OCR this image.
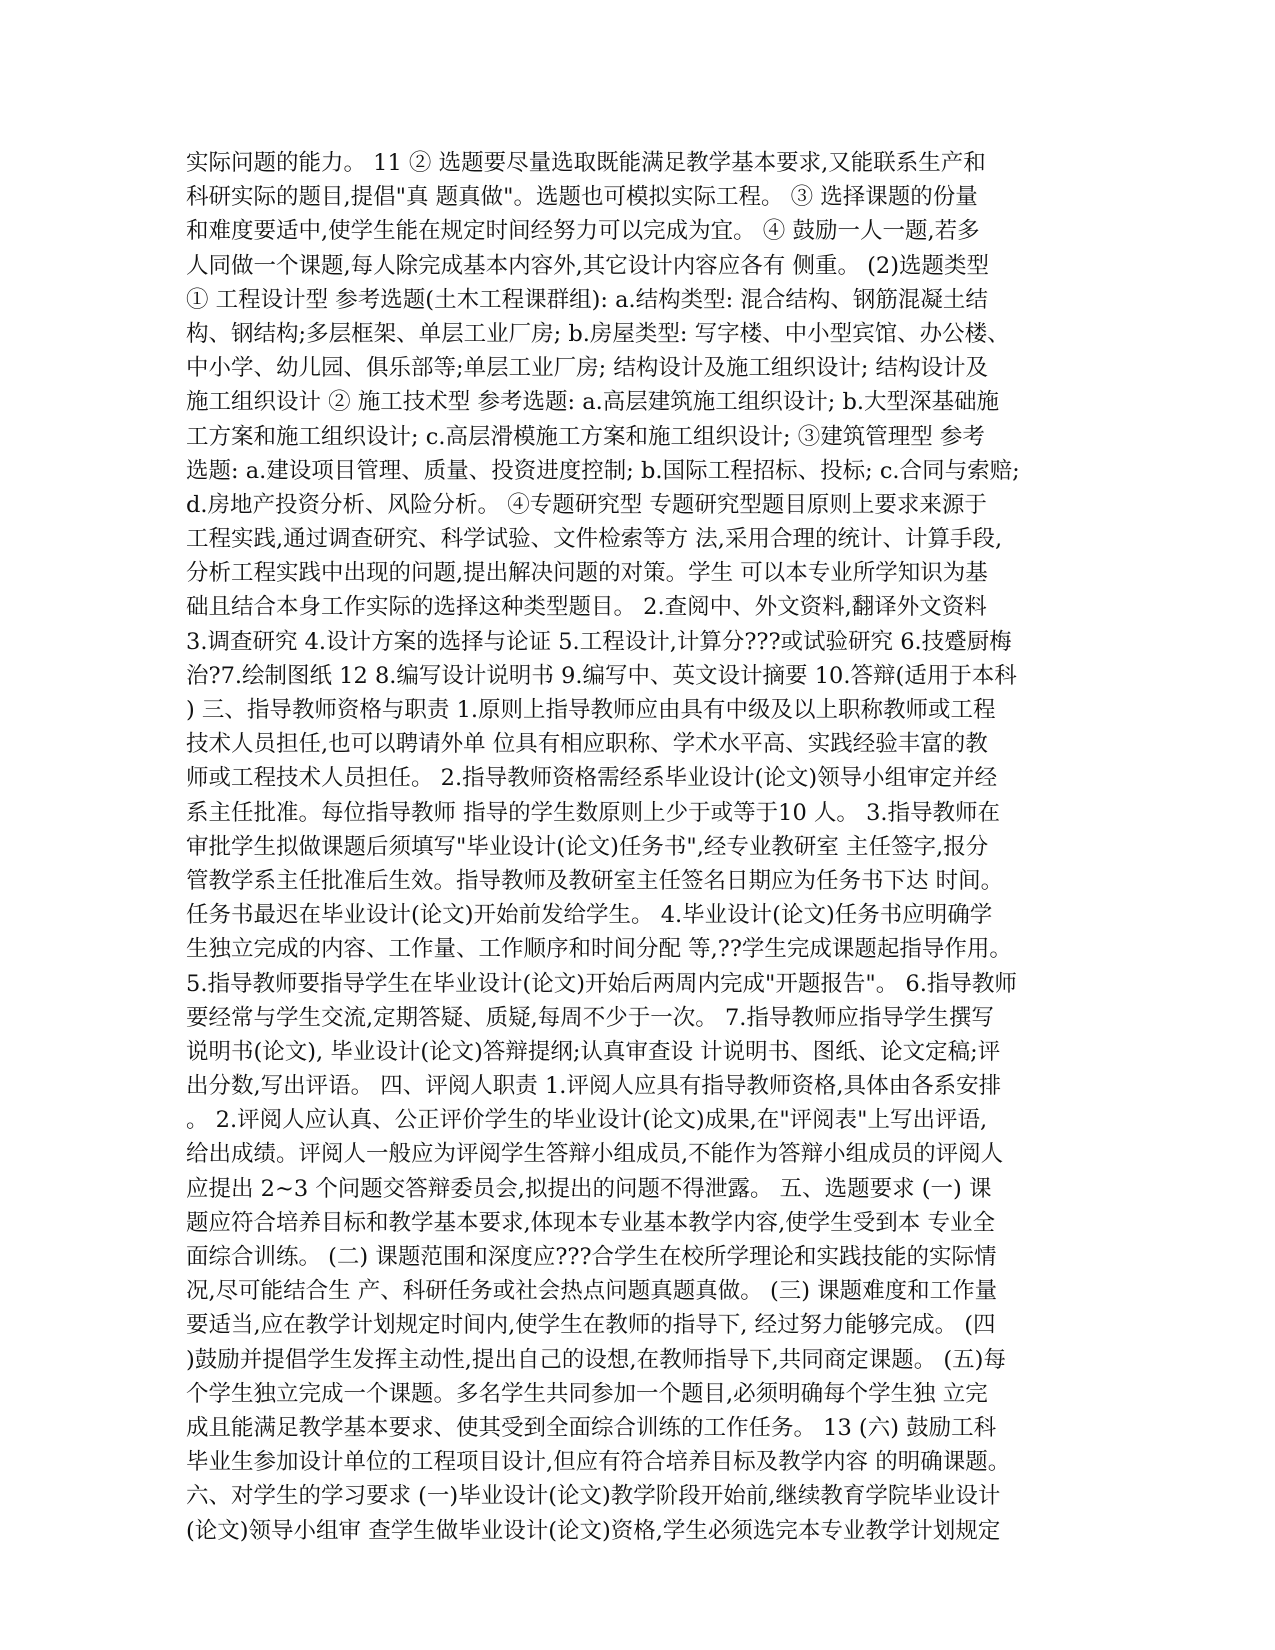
实际问题的能力。 11 ② 选题要尽量选取既能满足教学基本要求,又能联系生产和
科研实际的题目,提倡"真 题真做"。选题也可模拟实际工程。 ③ 选择课题的份量
和难度要适中,使学生能在规定时间经努力可以完成为宜。 ④ 鼓励一人一题,若多
人同做一个课题,每人除完成基本内容外,其它设计内容应各有 侧重。 (2)选题类型
① 工程设计型 参考选题(土木工程课群组): a.结构类型: 混合结构、钢筋混凝土结
构、钢结构;多层框架、单层工业厂房; b.房屋类型: 写字楼、中小型宾馆、办公楼、
中小学、幼儿园、俱乐部等;单层工业厂房; 结构设计及施工组织设计; 结构设计及
施工组织设计 ② 施工技术型 参考选题: a.高层建筑施工组织设计; b.大型深基础施
工方案和施工组织设计; c.高层滑模施工方案和施工组织设计; ③建筑管理型 参考
选题: a.建设项目管理、质量、投资进度控制; b.国际工程招标、投标; c.合同与索赔;
d.房地产投资分析、风险分析。 ④专题研究型 专题研究型题目原则上要求来源于
工程实践,通过调查研究、科学试验、文件检索等方 法,采用合理的统计、计算手段,
分析工程实践中出现的问题,提出解决问题的对策。学生 可以本专业所学知识为基
础且结合本身工作实际的选择这种类型题目。 2.查阅中、外文资料,翻译外文资料
3.调查研究 4.设计方案的选择与论证 5.工程设计,计算分???或试验研究 6.技蹙厨梅
治?7.绘制图纸 12 8.编写设计说明书 9.编写中、英文设计摘要 10.答辩(适用于本科
) 三、指导教师资格与职责 1.原则上指导教师应由具有中级及以上职称教师或工程
技术人员担任,也可以聘请外单 位具有相应职称、学术水平高、实践经验丰富的教
师或工程技术人员担任。 2.指导教师资格需经系毕业设计(论文)领导小组审定并经
系主任批准。每位指导教师 指导的学生数原则上少于或等于10 人。 3.指导教师在
审批学生拟做课题后须填写"毕业设计(论文)任务书",经专业教研室 主任签字,报分
管教学系主任批准后生效。指导教师及教研室主任签名日期应为任务书下达 时间。
任务书最迟在毕业设计(论文)开始前发给学生。 4.毕业设计(论文)任务书应明确学
生独立完成的内容、工作量、工作顺序和时间分配 等,??学生完成课题起指导作用。
5.指导教师要指导学生在毕业设计(论文)开始后两周内完成"开题报告"。 6.指导教师
要经常与学生交流,定期答疑、质疑,每周不少于一次。 7.指导教师应指导学生撰写
说明书(论文), 毕业设计(论文)答辩提纲;认真审查设 计说明书、图纸、论文定稿;评
出分数,写出评语。 四、评阅人职责 1.评阅人应具有指导教师资格,具体由各系安排
。 2.评阅人应认真、公正评价学生的毕业设计(论文)成果,在"评阅表"上写出评语,
给出成绩。评阅人一般应为评阅学生答辩小组成员,不能作为答辩小组成员的评阅人
应提出 2~3 个问题交答辩委员会,拟提出的问题不得泄露。 五、选题要求 (一) 课
题应符合培养目标和教学基本要求,体现本专业基本教学内容,使学生受到本 专业全
面综合训练。 (二) 课题范围和深度应???合学生在校所学理论和实践技能的实际情
况,尽可能结合生 产、科研任务或社会热点问题真题真做。 (三) 课题难度和工作量
要适当,应在教学计划规定时间内,使学生在教师的指导下, 经过努力能够完成。 (四
)鼓励并提倡学生发挥主动性,提出自己的设想,在教师指导下,共同商定课题。 (五)每
个学生独立完成一个课题。多名学生共同参加一个题目,必须明确每个学生独 立完
成且能满足教学基本要求、使其受到全面综合训练的工作任务。 13 (六) 鼓励工科
毕业生参加设计单位的工程项目设计,但应有符合培养目标及教学内容 的明确课题。
六、对学生的学习要求 (一)毕业设计(论文)教学阶段开始前,继续教育学院毕业设计
(论文)领导小组审 查学生做毕业设计(论文)资格,学生必须选完本专业教学计划规定
